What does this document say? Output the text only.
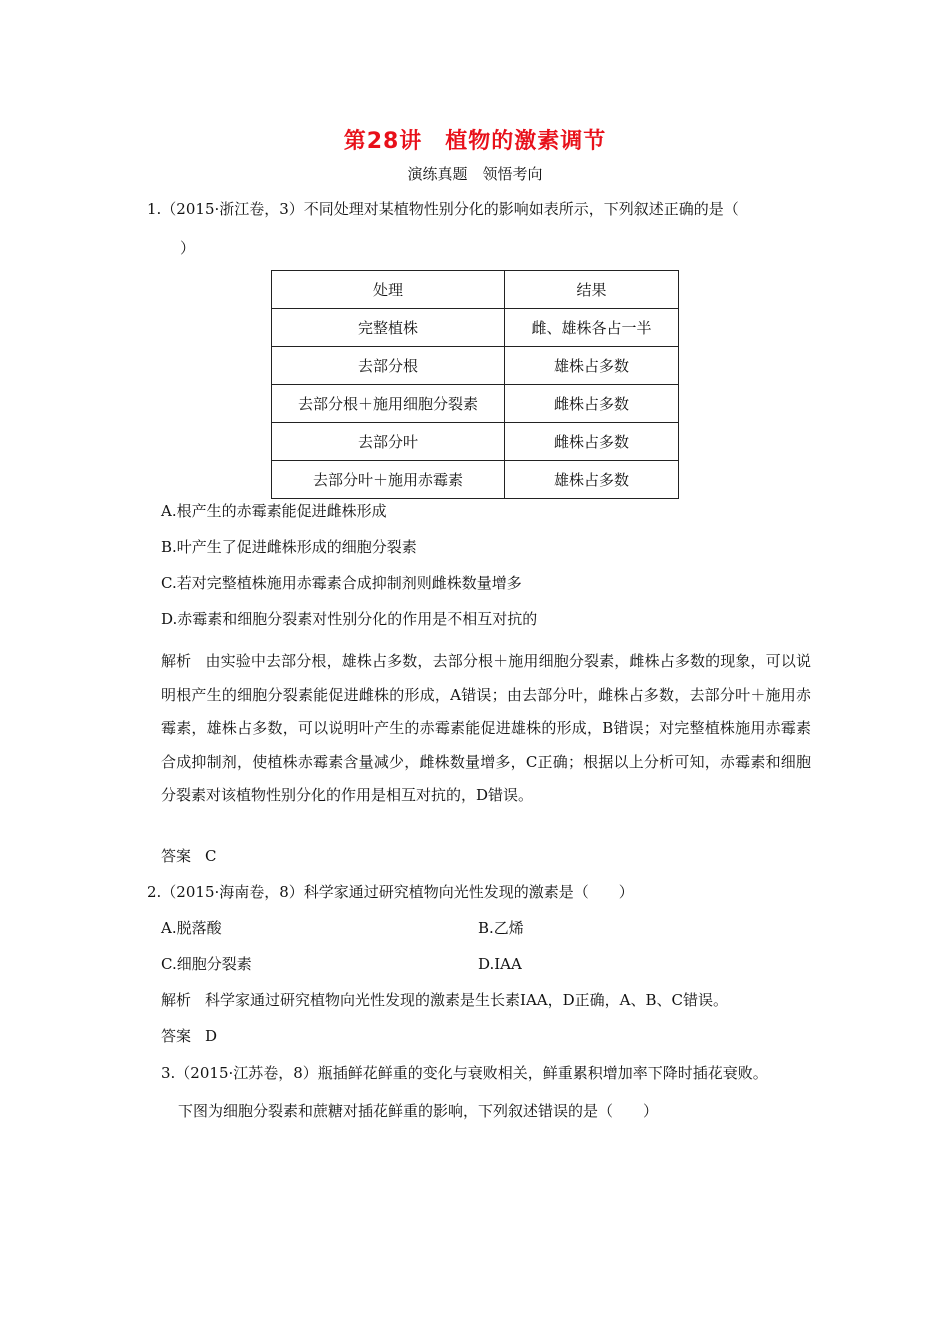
第28讲　植物的激素调节
演练真题　领悟考向
1.（2015·浙江卷，3）不同处理对某植物性别分化的影响如表所示，下列叙述正确的是（
）
处理	结果
完整植株	雌、雄株各占一半
去部分根	雄株占多数
去部分根＋施用细胞分裂素	雌株占多数
去部分叶	雌株占多数
去部分叶＋施用赤霉素	雄株占多数
A.根产生的赤霉素能促进雌株形成
B.叶产生了促进雌株形成的细胞分裂素
C.若对完整植株施用赤霉素合成抑制剂则雌株数量增多
D.赤霉素和细胞分裂素对性别分化的作用是不相互对抗的
解析 由实验中去部分根，雄株占多数，去部分根＋施用细胞分裂素，雌株占多数的现象，可以说明根产生的细胞分裂素能促进雌株的形成，A错误；由去部分叶，雌株占多数，去部分叶＋施用赤霉素，雄株占多数，可以说明叶产生的赤霉素能促进雄株的形成，B错误；对完整植株施用赤霉素合成抑制剂，使植株赤霉素含量减少，雌株数量增多，C正确；根据以上分析可知，赤霉素和细胞分裂素对该植物性别分化的作用是相互对抗的，D错误。
答案 C
2.（2015·海南卷，8）科学家通过研究植物向光性发现的激素是（　　）
A.脱落酸	B.乙烯
C.细胞分裂素	D.IAA
解析 科学家通过研究植物向光性发现的激素是生长素IAA，D正确，A、B、C错误。
答案 D
3.（2015·江苏卷，8）瓶插鲜花鲜重的变化与衰败相关，鲜重累积增加率下降时插花衰败。
下图为细胞分裂素和蔗糖对插花鲜重的影响，下列叙述错误的是（　　）
